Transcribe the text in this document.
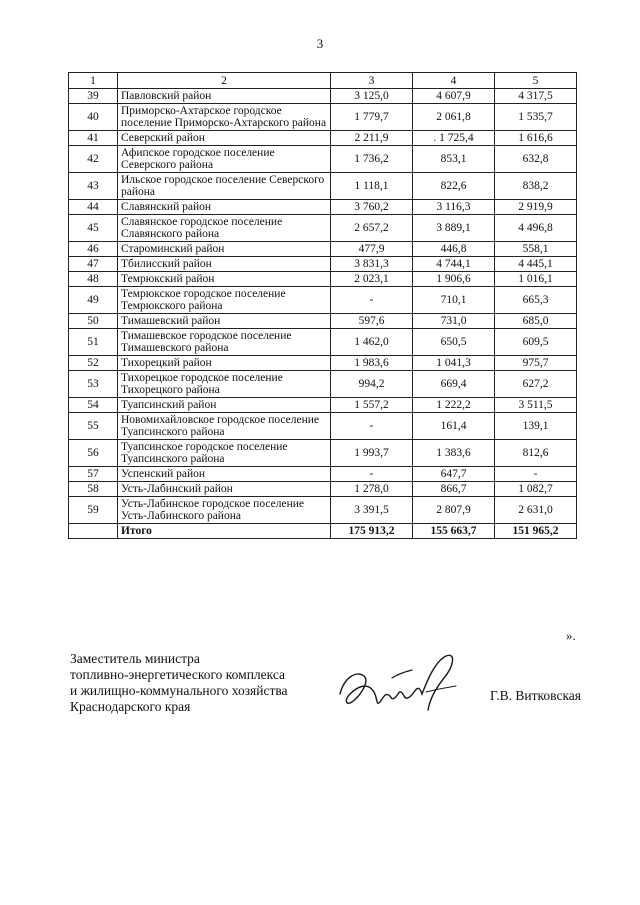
3
1	2	3	4	5
39	Павловский район	3 125,0	4 607,9	4 317,5
40	Приморско-Ахтарское городское поселение Приморско-Ахтарского района	1 779,7	2 061,8	1 535,7
41	Северский район	2 211,9	. 1 725,4	1 616,6
42	Афипское городское поселение Северского района	1 736,2	853,1	632,8
43	Ильское городское поселение Северского района	1 118,1	822,6	838,2
44	Славянский район	3 760,2	3 116,3	2 919,9
45	Славянское городское поселение Славянского района	2 657,2	3 889,1	4 496,8
46	Староминский район	477,9	446,8	558,1
47	Тбилисский район	3 831,3	4 744,1	4 445,1
48	Темрюкский район	2 023,1	1 906,6	1 016,1
49	Темрюкское городское поселение Темрюкского района	-	710,1	665,3
50	Тимашевский район	597,6	731,0	685,0
51	Тимашевское городское поселение Тимашевского района	1 462,0	650,5	609,5
52	Тихорецкий район	1 983,6	1 041,3	975,7
53	Тихорецкое городское поселение Тихорецкого района	994,2	669,4	627,2
54	Туапсинский район	1 557,2	1 222,2	3 511,5
55	Новомихайловское городское поселение Туапсинского района	-	161,4	139,1
56	Туапсинское городское поселение Туапсинского района	1 993,7	1 383,6	812,6
57	Успенский район	-	647,7	-
58	Усть-Лабинский район	1 278,0	866,7	1 082,7
59	Усть-Лабинское городское поселение Усть-Лабинского района	3 391,5	2 807,9	2 631,0
	Итого	175 913,2	155 663,7	151 965,2
».
Заместитель министра
топливно-энергетического комплекса
и жилищно-коммунального хозяйства
Краснодарского края
Г.В. Витковская
